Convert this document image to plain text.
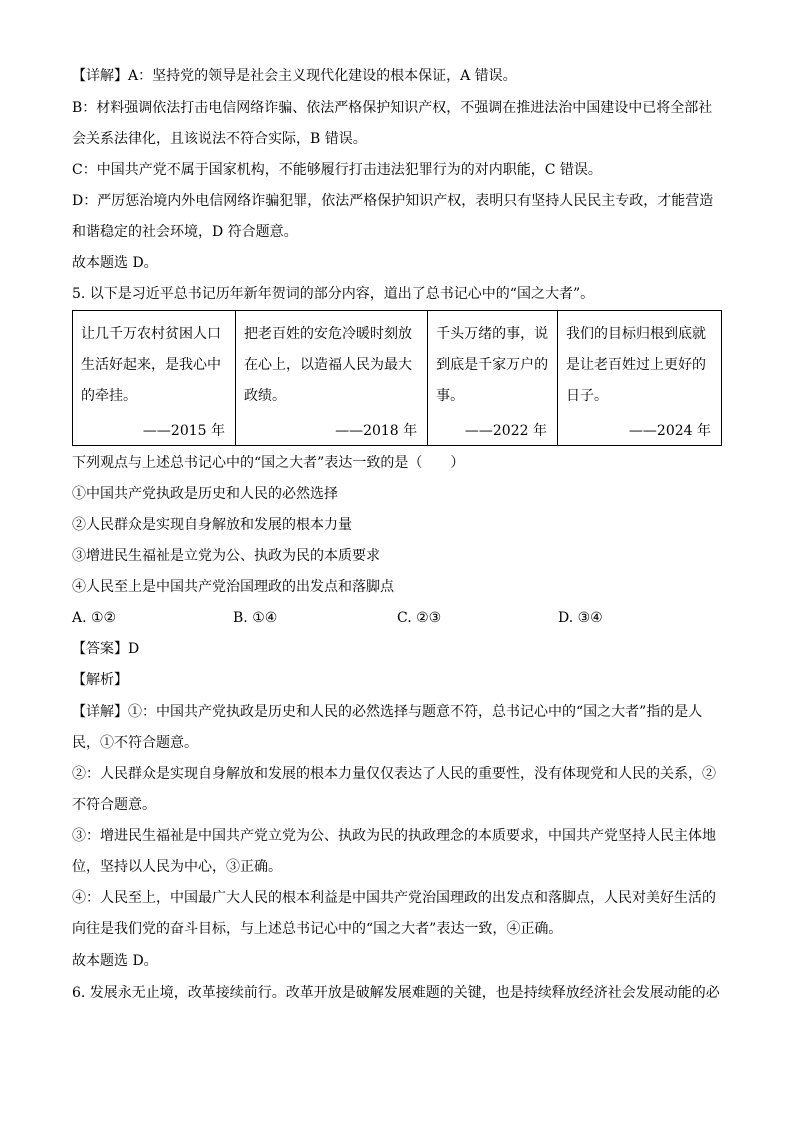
【详解】A：坚持党的领导是社会主义现代化建设的根本保证，A 错误。
B：材料强调依法打击电信网络诈骗、依法严格保护知识产权，不强调在推进法治中国建设中已将全部社
会关系法律化，且该说法不符合实际，B 错误。
C：中国共产党不属于国家机构，不能够履行打击违法犯罪行为的对内职能，C 错误。
D：严厉惩治境内外电信网络诈骗犯罪，依法严格保护知识产权，表明只有坚持人民民主专政，才能营造
和谐稳定的社会环境，D 符合题意。
故本题选 D。
5. 以下是习近平总书记历年新年贺词的部分内容，道出了总书记心中的“国之大者”。
让几千万农村贫困人口
生活好起来，是我心中
的牵挂。
——2015 年

把老百姓的安危冷暖时刻放
在心上，以造福人民为最大
政绩。
——2018 年

千头万绪的事，说
到底是千家万户的
事。
——2022 年

我们的目标归根到底就
是让老百姓过上更好的
日子。
——2024 年
下列观点与上述总书记心中的“国之大者”表达一致的是（　　）
①中国共产党执政是历史和人民的必然选择
②人民群众是实现自身解放和发展的根本力量
③增进民生福祉是立党为公、执政为民的本质要求
④人民至上是中国共产党治国理政的出发点和落脚点
A. ①②	B. ①④	C. ②③	D. ③④
【答案】D
【解析】
【详解】①：中国共产党执政是历史和人民的必然选择与题意不符，总书记心中的“国之大者”指的是人
民，①不符合题意。
②：人民群众是实现自身解放和发展的根本力量仅仅表达了人民的重要性，没有体现党和人民的关系，②
不符合题意。
③：增进民生福祉是中国共产党立党为公、执政为民的执政理念的本质要求，中国共产党坚持人民主体地
位，坚持以人民为中心，③正确。
④：人民至上，中国最广大人民的根本利益是中国共产党治国理政的出发点和落脚点，人民对美好生活的
向往是我们党的奋斗目标，与上述总书记心中的“国之大者”表达一致，④正确。
故本题选 D。
6. 发展永无止境，改革接续前行。改革开放是破解发展难题的关键，也是持续释放经济社会发展动能的必
